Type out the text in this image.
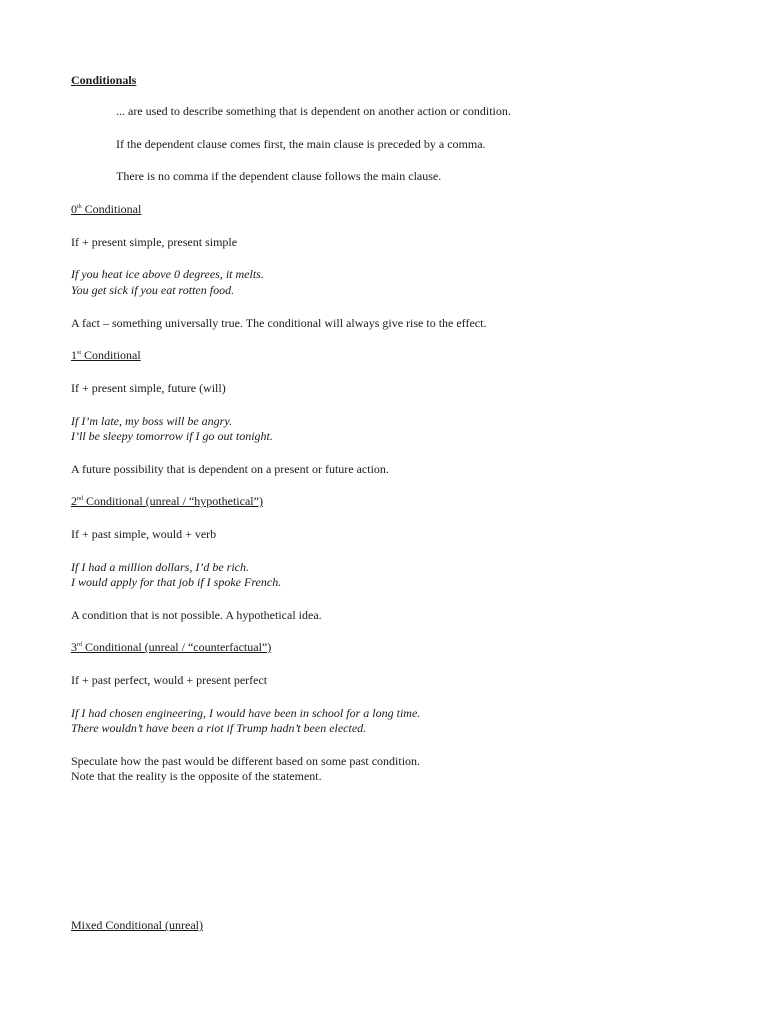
Conditionals
... are used to describe something that is dependent on another action or condition.
If the dependent clause comes first, the main clause is preceded by a comma.
There is no comma if the dependent clause follows the main clause.
0th Conditional
If + present simple, present simple
If you heat ice above 0 degrees, it melts.
You get sick if you eat rotten food.
A fact – something universally true. The conditional will always give rise to the effect.
1st Conditional
If + present simple, future (will)
If I’m late, my boss will be angry.
I’ll be sleepy tomorrow if I go out tonight.
A future possibility that is dependent on a present or future action.
2nd Conditional (unreal / “hypothetical”)
If + past simple, would + verb
If I had a million dollars, I’d be rich.
I would apply for that job if I spoke French.
A condition that is not possible. A hypothetical idea.
3rd Conditional (unreal / “counterfactual”)
If + past perfect, would + present perfect
If I had chosen engineering, I would have been in school for a long time.
There wouldn’t have been a riot if Trump hadn’t been elected.
Speculate how the past would be different based on some past condition.
Note that the reality is the opposite of the statement.
Mixed Conditional (unreal)
